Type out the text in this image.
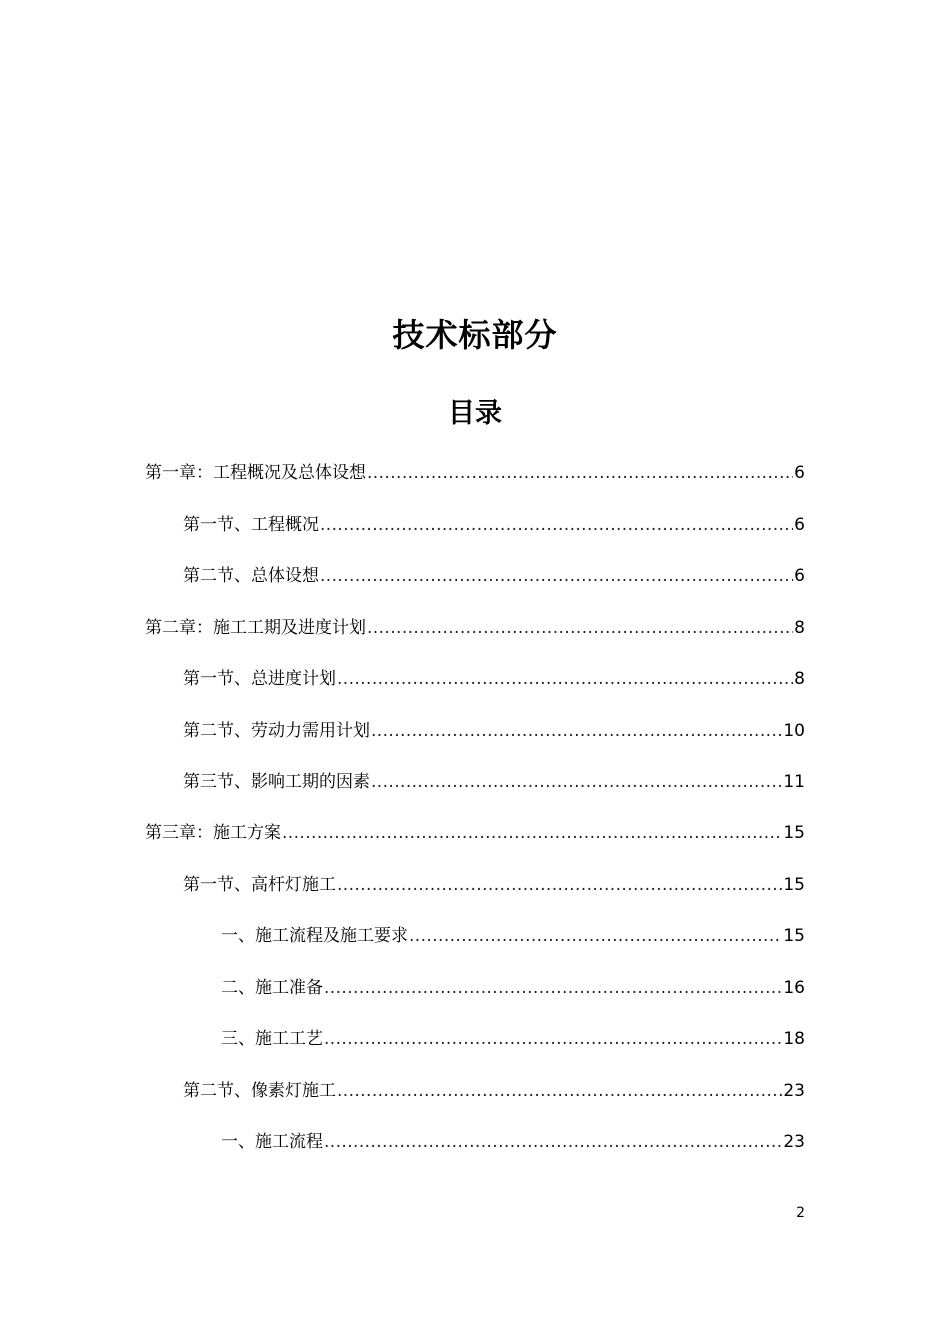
技术标部分
目录
第一章：工程概况及总体设想 .....	6
第一节、工程概况 .....	6
第二节、总体设想 .....	6
第二章：施工工期及进度计划 .....	8
第一节、总进度计划 .....	8
第二节、劳动力需用计划 .....	10
第三节、影响工期的因素 .....	11
第三章：施工方案 .....	15
第一节、高杆灯施工 .....	15
一、施工流程及施工要求 .....	15
二、施工准备 .....	16
三、施工工艺 .....	18
第二节、像素灯施工 .....	23
一、施工流程 .....	23
2
